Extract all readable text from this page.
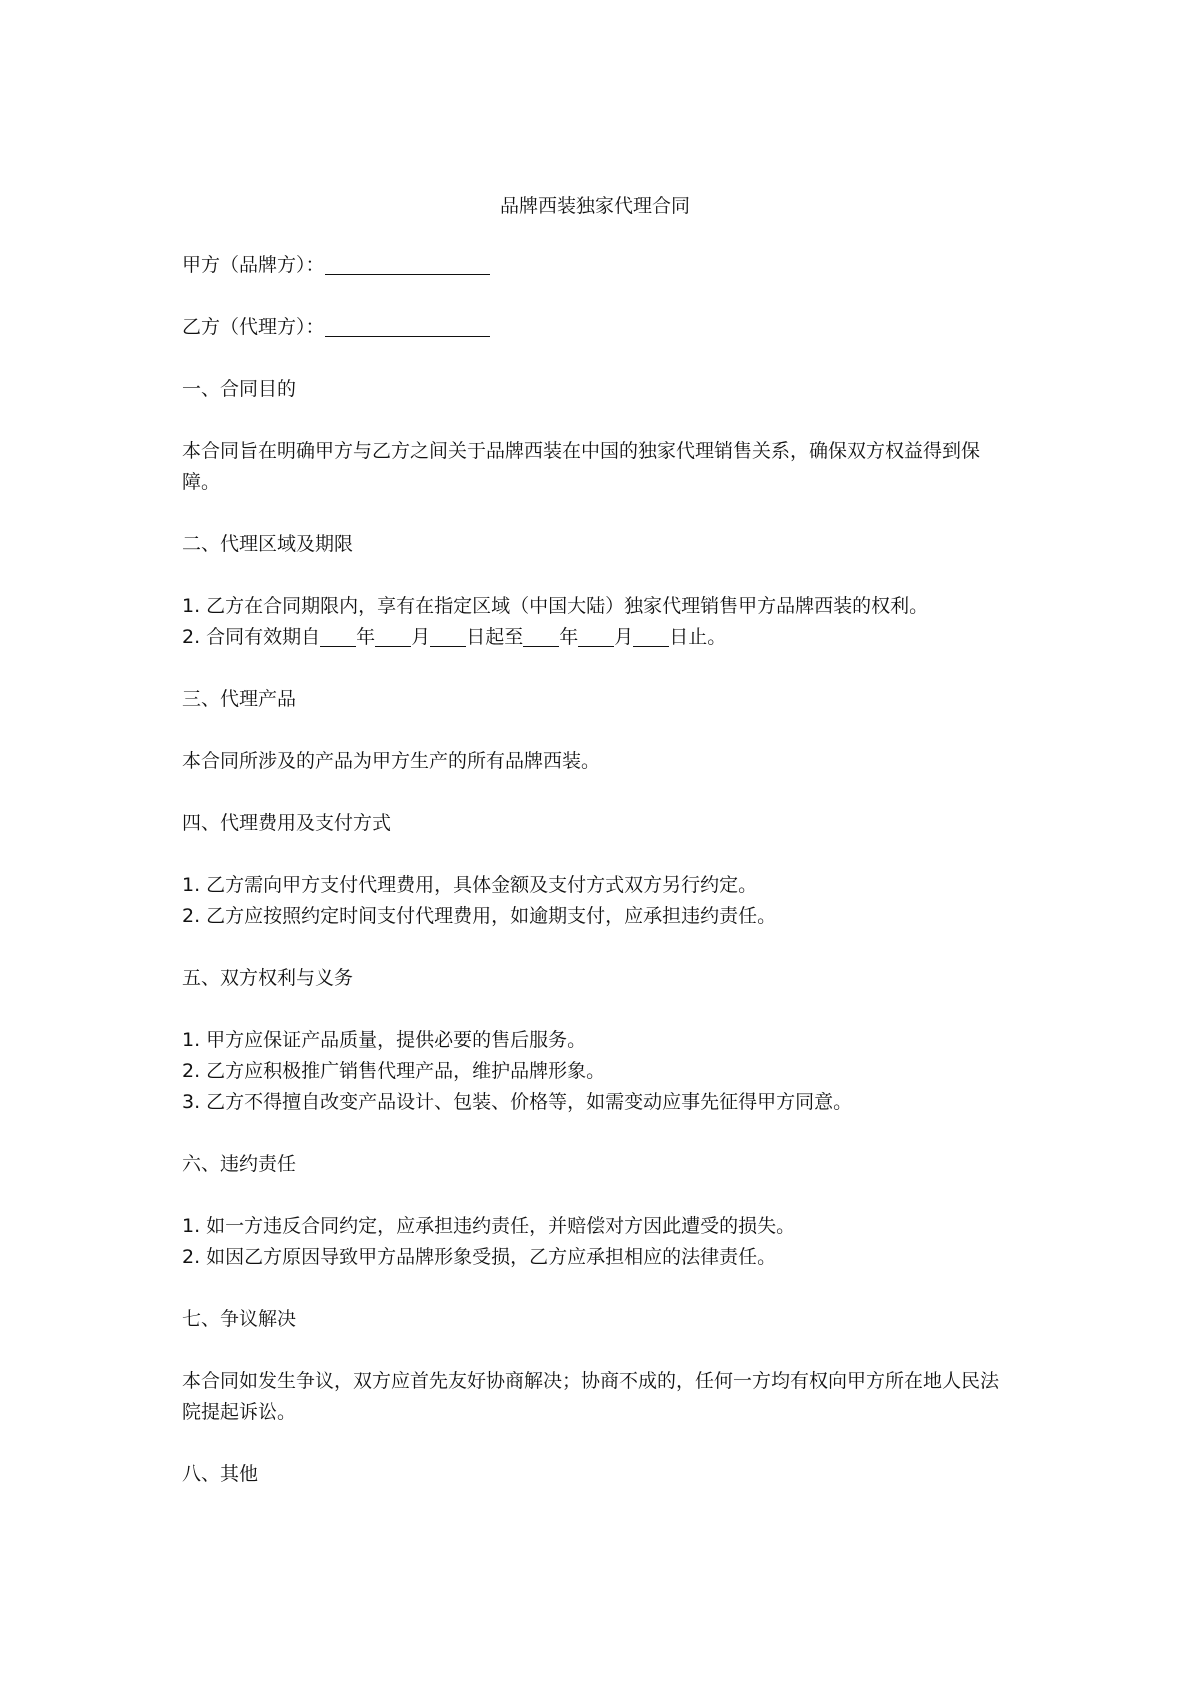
品牌西装独家代理合同

甲方（品牌方）：

乙方（代理方）：

一、合同目的

本合同旨在明确甲方与乙方之间关于品牌西装在中国的独家代理销售关系，确保双方权益得到保障。

二、代理区域及期限

1. 乙方在合同期限内，享有在指定区域（中国大陆）独家代理销售甲方品牌西装的权利。
2. 合同有效期自 年 月 日起至 年 月 日止。

三、代理产品

本合同所涉及的产品为甲方生产的所有品牌西装。

四、代理费用及支付方式

1. 乙方需向甲方支付代理费用，具体金额及支付方式双方另行约定。
2. 乙方应按照约定时间支付代理费用，如逾期支付，应承担违约责任。

五、双方权利与义务

1. 甲方应保证产品质量，提供必要的售后服务。
2. 乙方应积极推广销售代理产品，维护品牌形象。
3. 乙方不得擅自改变产品设计、包装、价格等，如需变动应事先征得甲方同意。

六、违约责任

1. 如一方违反合同约定，应承担违约责任，并赔偿对方因此遭受的损失。
2. 如因乙方原因导致甲方品牌形象受损，乙方应承担相应的法律责任。

七、争议解决

本合同如发生争议，双方应首先友好协商解决；协商不成的，任何一方均有权向甲方所在地人民法院提起诉讼。

八、其他
